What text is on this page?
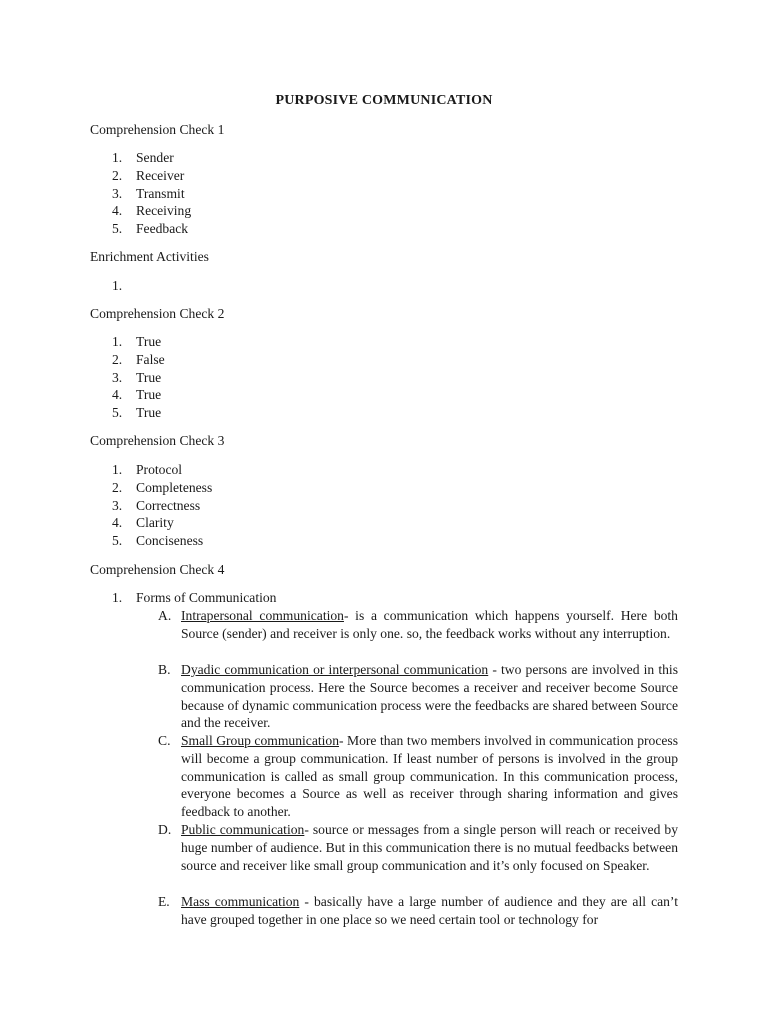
PURPOSIVE COMMUNICATION
Comprehension Check 1
1. Sender
2. Receiver
3. Transmit
4. Receiving
5. Feedback
Enrichment Activities
1.
Comprehension Check 2
1. True
2. False
3. True
4. True
5. True
Comprehension Check 3
1. Protocol
2. Completeness
3. Correctness
4. Clarity
5. Conciseness
Comprehension Check 4
1. Forms of Communication
A. Intrapersonal communication- is a communication which happens yourself. Here both Source (sender) and receiver is only one. so, the feedback works without any interruption.
B. Dyadic communication or interpersonal communication - two persons are involved in this communication process. Here the Source becomes a receiver and receiver become Source because of dynamic communication process were the feedbacks are shared between Source and the receiver.
C. Small Group communication- More than two members involved in communication process will become a group communication. If least number of persons is involved in the group communication is called as small group communication. In this communication process, everyone becomes a Source as well as receiver through sharing information and gives feedback to another.
D. Public communication- source or messages from a single person will reach or received by huge number of audience. But in this communication there is no mutual feedbacks between source and receiver like small group communication and it’s only focused on Speaker.
E. Mass communication - basically have a large number of audience and they are all can’t have grouped together in one place so we need certain tool or technology for
